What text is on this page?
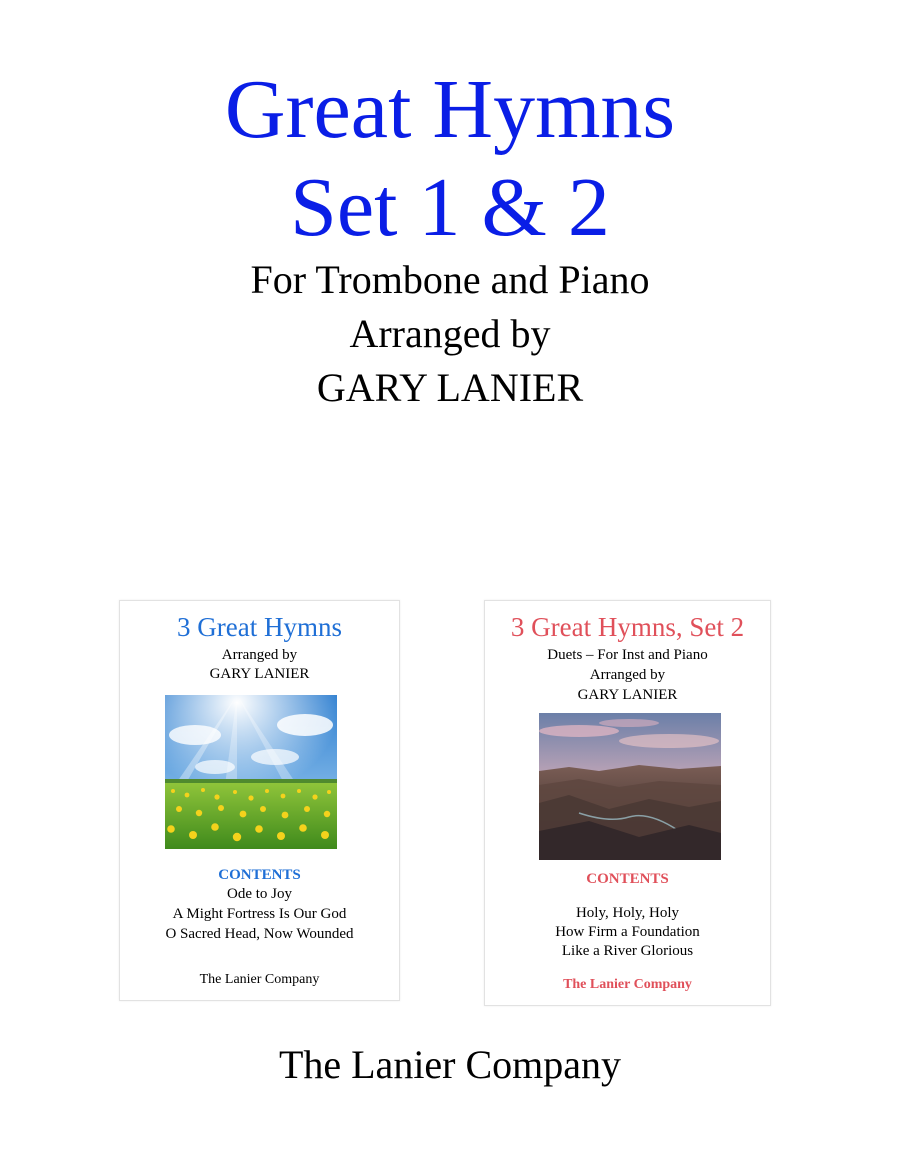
Great Hymns
Set 1 & 2
For Trombone and Piano
Arranged by
GARY LANIER
3 Great Hymns
Arranged by
GARY LANIER
CONTENTS
Ode to Joy
A Might Fortress Is Our God
O Sacred Head, Now Wounded
The Lanier Company
3 Great Hymns, Set 2
Duets – For Inst and Piano
Arranged by
GARY LANIER
CONTENTS
Holy, Holy, Holy
How Firm a Foundation
Like a River Glorious
The Lanier Company
The Lanier Company
